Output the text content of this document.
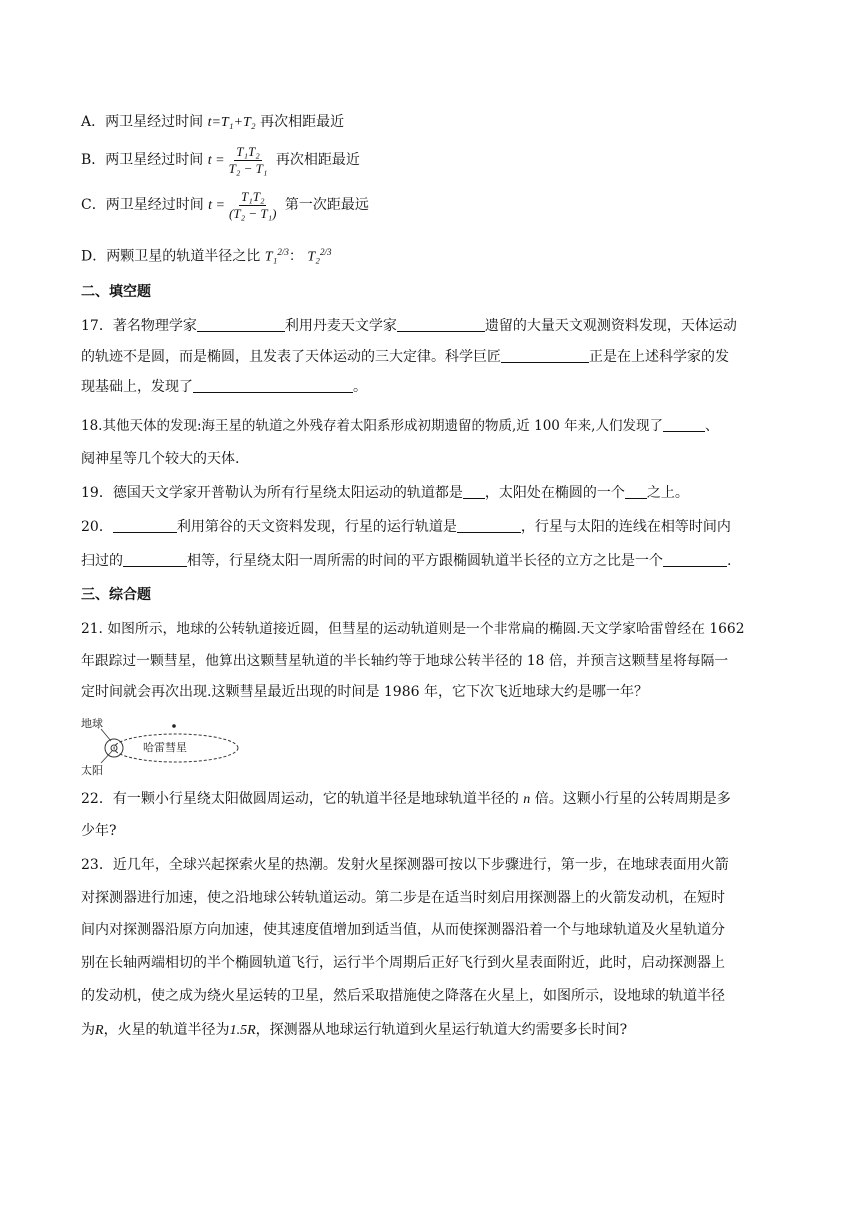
A．两卫星经过时间 t=T₁+T₂ 再次相距最近
B．两卫星经过时间 $t = \frac{\text{T₁T₂}}{\text{T₂ − T₁}}$ 再次相距最近
C．两卫星经过时间 $t = \frac{\text{T₁T₂}}{\text{(T₂ − T₁)}}$ 第一次距最远
D．两颗卫星的轨道半径之比 T₁$^{2/3}$： T₂$^{2/3}$
二、填空题
17．著名物理学家	利用丹麦天文学家	遗留的大量天文观测资料发现，天体运动
的轨迹不是圆，而是椭圆，且发表了天体运动的三大定律。科学巨匠	正是在上述科学家的发
现基础上，发现了	。
18.其他天体的发现:海王星的轨道之外残存着太阳系形成初期遗留的物质,近 100 年来,人们发现了	、
阋神星等几个较大的天体.
19．德国天文学家开普勒认为所有行星绕太阳运动的轨道都是 ，太阳处在椭圆的一个 之上。
20．	利用第谷的天文资料发现，行星的运行轨道是	，行星与太阳的连线在相等时间内
扫过的	相等，行星绕太阳一周所需的时间的平方跟椭圆轨道半长径的立方之比是一个	.
三、综合题
21. 如图所示，地球的公转轨道接近圆，但彗星的运动轨道则是一个非常扁的椭圆.天文学家哈雷曾经在 1662
年跟踪过一颗彗星，他算出这颗彗星轨道的半长轴约等于地球公转半径的 18 倍，并预言这颗彗星将每隔一
定时间就会再次出现.这颗彗星最近出现的时间是 1986 年，它下次飞近地球大约是哪一年？
地球
哈雷彗星
太阳
22．有一颗小行星绕太阳做圆周运动，它的轨道半径是地球轨道半径的 n 倍。这颗小行星的公转周期是多
少年?
23．近几年，全球兴起探索火星的热潮。发射火星探测器可按以下步骤进行，第一步，在地球表面用火箭
对探测器进行加速，使之沿地球公转轨道运动。第二步是在适当时刻启用探测器上的火箭发动机，在短时
间内对探测器沿原方向加速，使其速度值增加到适当值，从而使探测器沿着一个与地球轨道及火星轨道分
别在长轴两端相切的半个椭圆轨道飞行，运行半个周期后正好飞行到火星表面附近，此时，启动探测器上
的发动机，使之成为绕火星运转的卫星，然后采取措施使之降落在火星上，如图所示，设地球的轨道半径
为R，火星的轨道半径为1.5R，探测器从地球运行轨道到火星运行轨道大约需要多长时间?
